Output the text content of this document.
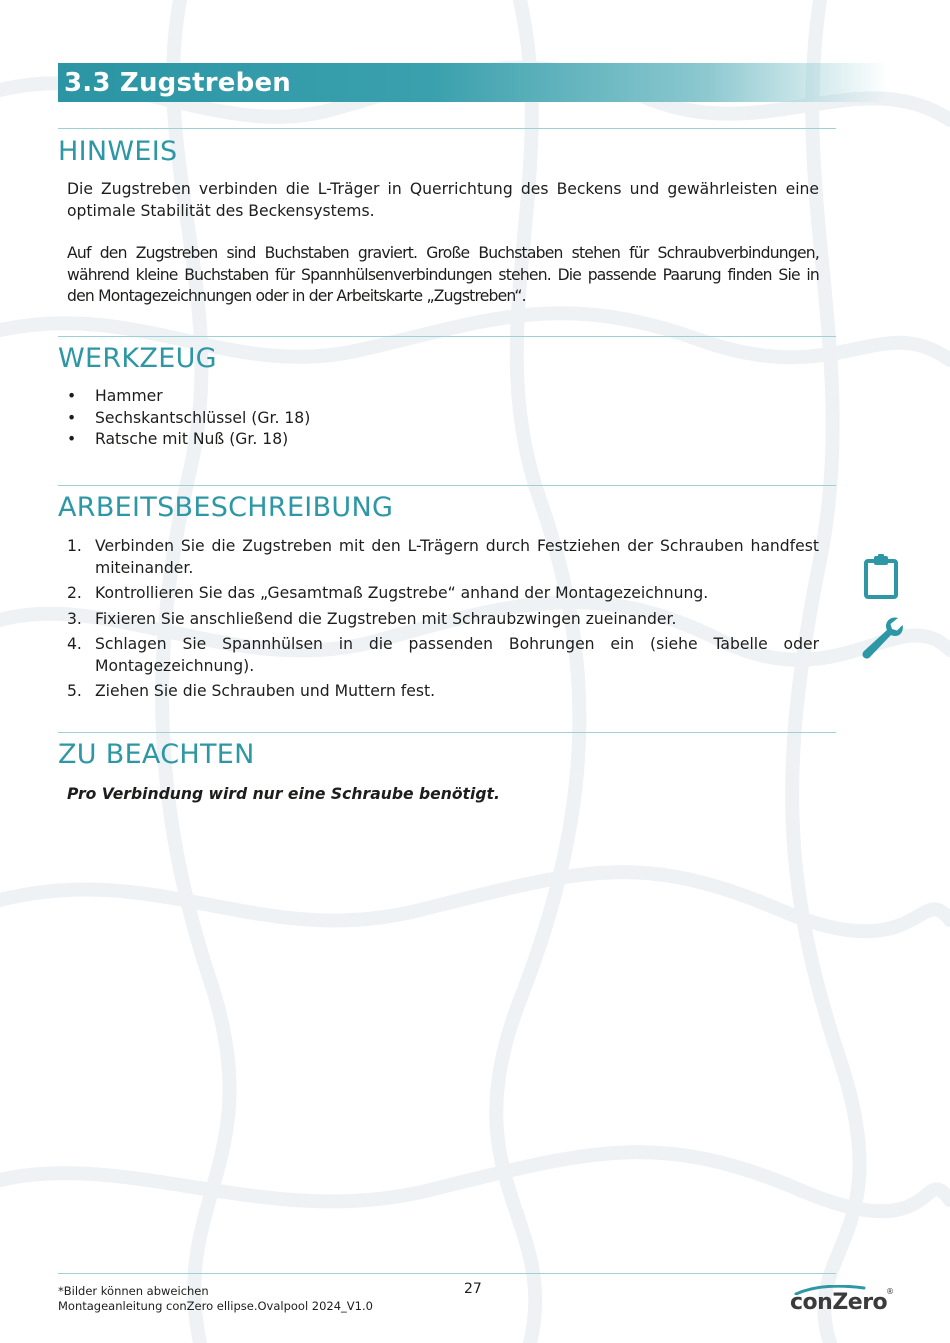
3.3 Zugstreben
HINWEIS
Die Zugstreben verbinden die L-Träger in Querrichtung des Beckens und gewährleisten eine optimale Stabilität des Beckensystems.
Auf den Zugstreben sind Buchstaben graviert. Große Buchstaben stehen für Schraubverbindungen, während kleine Buchstaben für Spannhülsenverbindungen stehen. Die passende Paarung finden Sie in den Montagezeichnungen oder in der Arbeitskarte „Zugstreben“.
WERKZEUG
• Hammer
• Sechskantschlüssel (Gr. 18)
• Ratsche mit Nuß (Gr. 18)
ARBEITSBESCHREIBUNG
1. Verbinden Sie die Zugstreben mit den L-Trägern durch Festziehen der Schrauben handfest miteinander.
2. Kontrollieren Sie das „Gesamtmaß Zugstrebe“ anhand der Montagezeichnung.
3. Fixieren Sie anschließend die Zugstreben mit Schraubzwingen zueinander.
4. Schlagen Sie Spannhülsen in die passenden Bohrungen ein (siehe Tabelle oder Montagezeichnung).
5. Ziehen Sie die Schrauben und Muttern fest.
ZU BEACHTEN
Pro Verbindung wird nur eine Schraube benötigt.
*Bilder können abweichen
Montageanleitung conZero ellipse.Ovalpool 2024_V1.0
27
conZero
®
